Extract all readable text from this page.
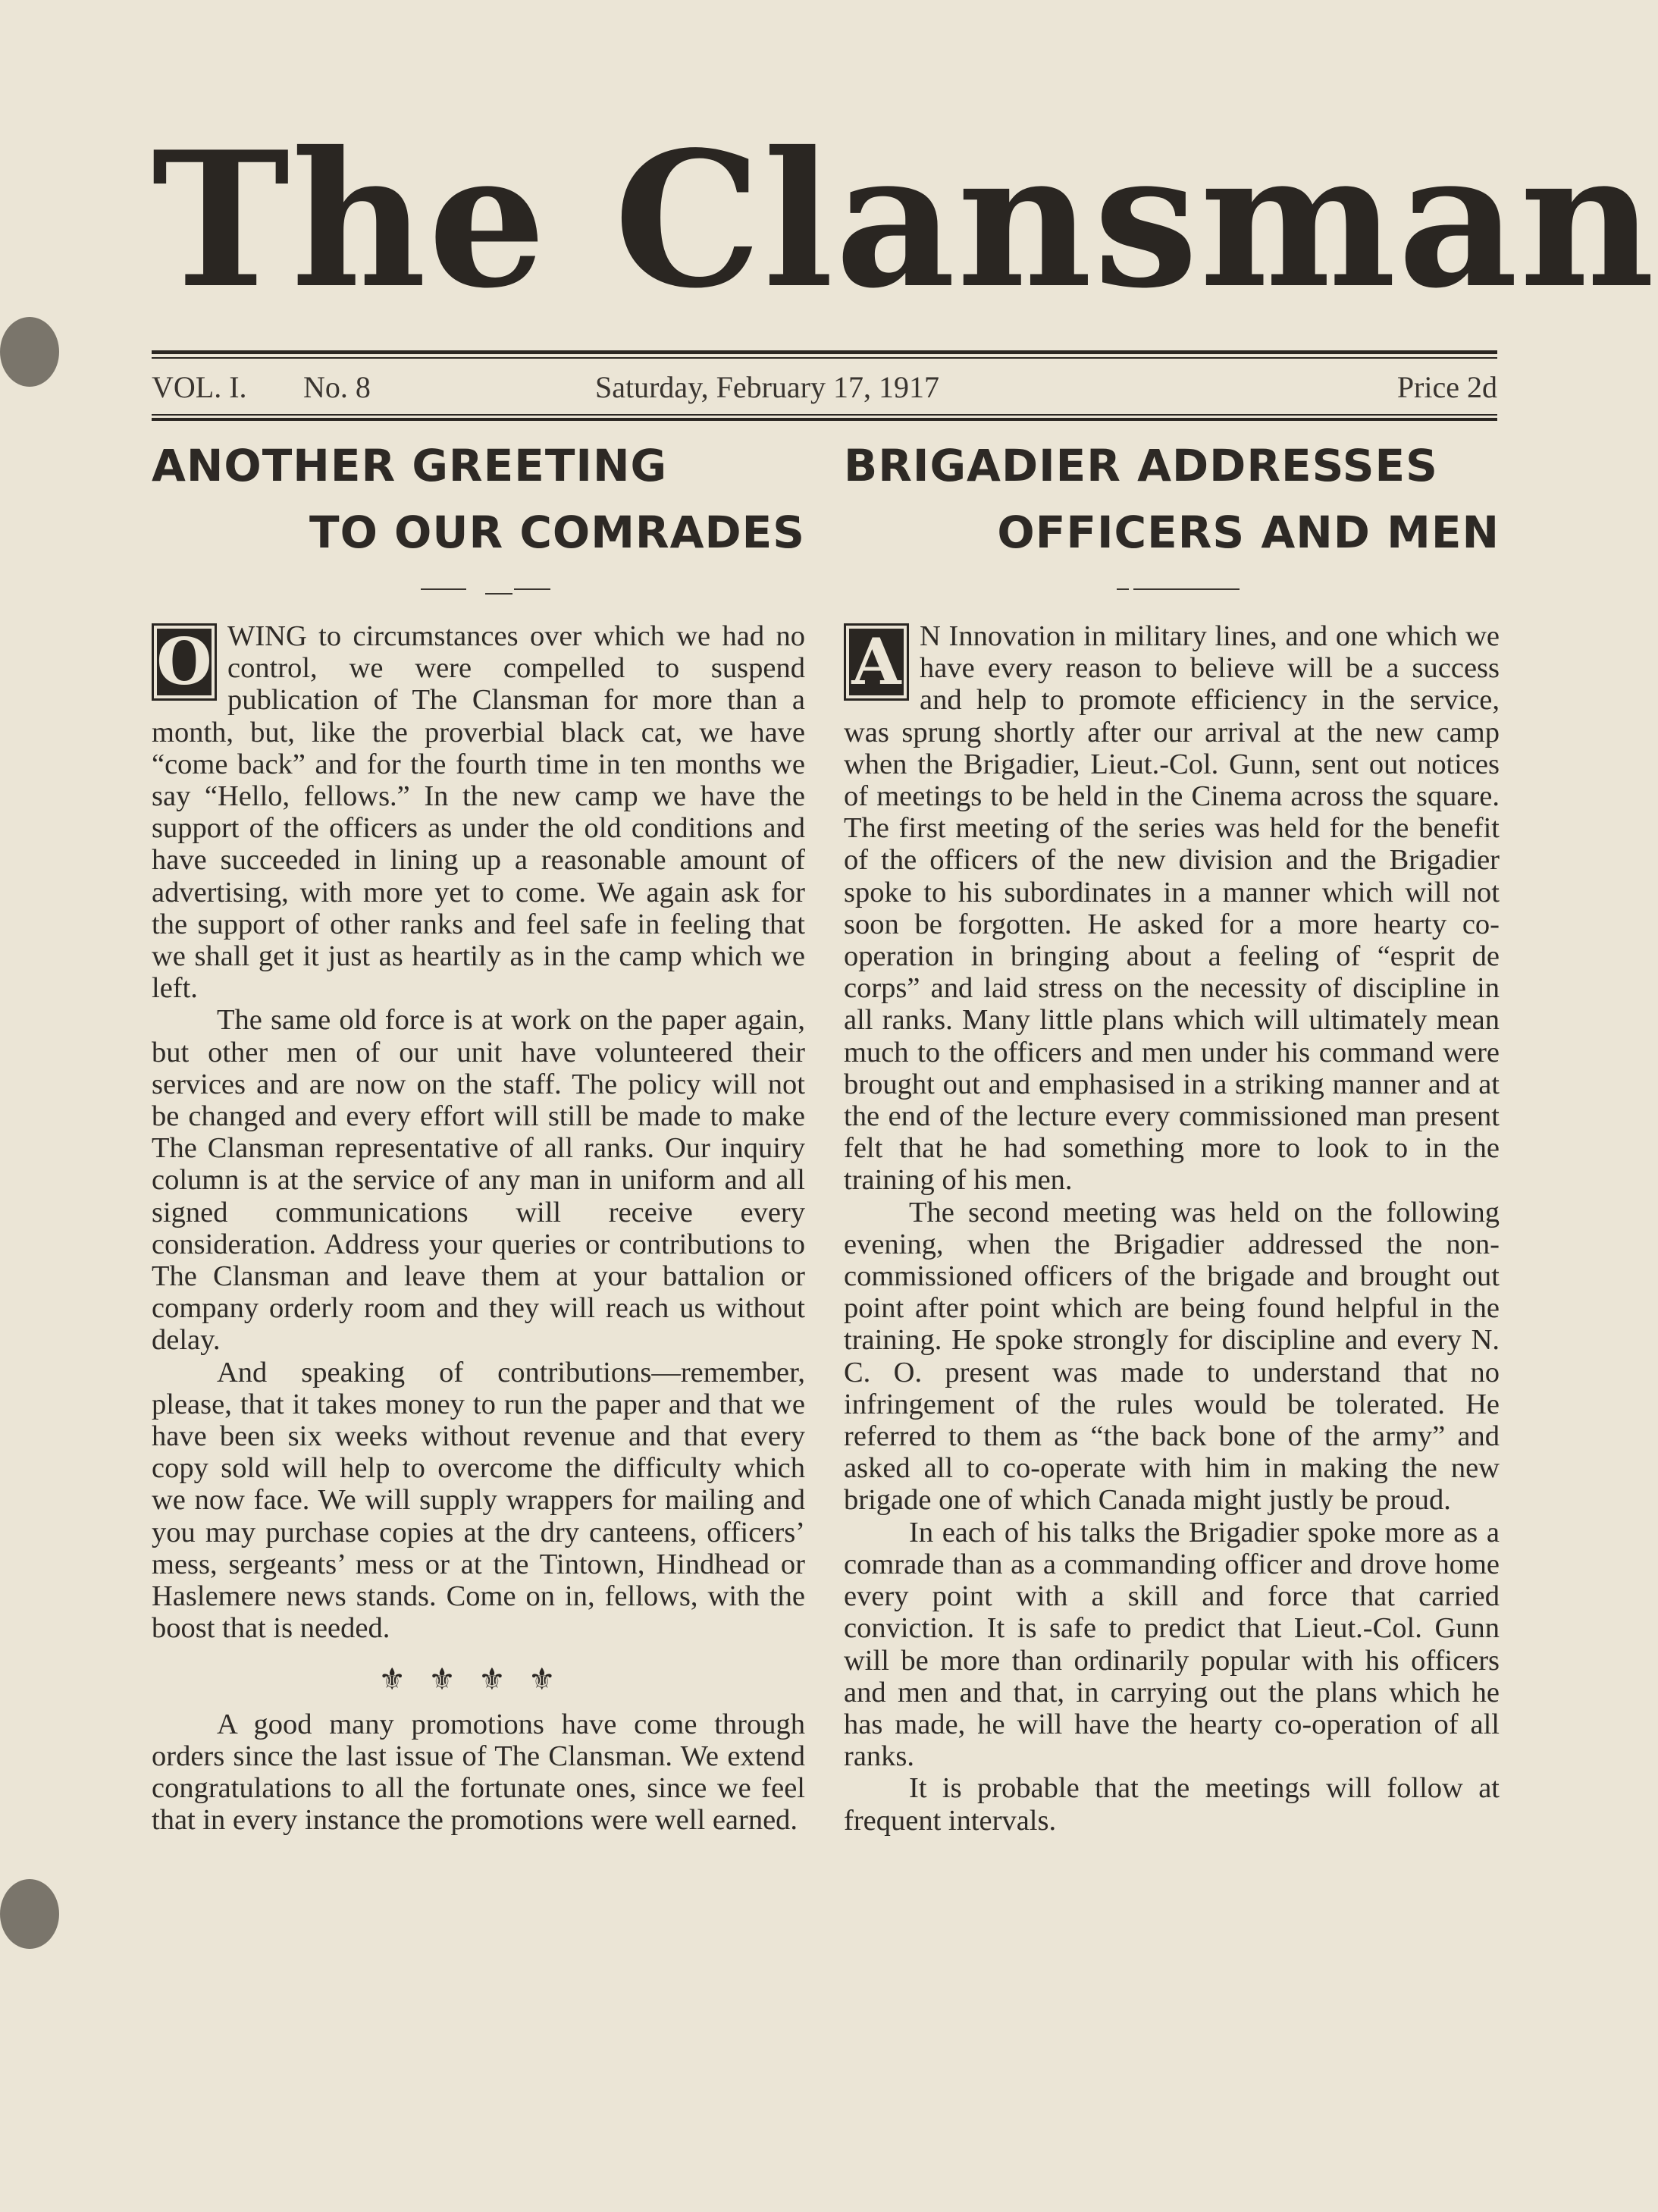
The Clansman
VOL. I. No. 8	Saturday, February 17, 1917	Price 2d
ANOTHER GREETING
TO OUR COMRADES
O WING to circumstances over which we had no control, we were compelled to suspend publication of The Clansman for more than a month, but, like the proverbial black cat, we have “come back” and for the fourth time in ten months we say “Hello, fellows.” In the new camp we have the support of the officers as under the old conditions and have succeeded in lining up a reasonable amount of advertising, with more yet to come. We again ask for the support of other ranks and feel safe in feeling that we shall get it just as heartily as in the camp which we left.

The same old force is at work on the paper again, but other men of our unit have volunteered their services and are now on the staff. The policy will not be changed and every effort will still be made to make The Clansman representative of all ranks. Our inquiry column is at the service of any man in uniform and all signed communications will receive every consideration. Address your queries or contributions to The Clansman and leave them at your battalion or company orderly room and they will reach us without delay.

And speaking of contributions—remember, please, that it takes money to run the paper and that we have been six weeks without revenue and that every copy sold will help to overcome the difficulty which we now face. We will supply wrappers for mailing and you may purchase copies at the dry canteens, officers’ mess, sergeants’ mess or at the Tintown, Hindhead or Haslemere news stands. Come on in, fellows, with the boost that is needed.

⚜⚜⚜⚜

A good many promotions have come through orders since the last issue of The Clansman. We extend congratulations to all the fortunate ones, since we feel that in every instance the promotions were well earned.

BRIGADIER ADDRESSES
OFFICERS AND MEN
A N Innovation in military lines, and one which we have every reason to believe will be a success and help to promote efficiency in the service, was sprung shortly after our arrival at the new camp when the Brigadier, Lieut.-Col. Gunn, sent out notices of meetings to be held in the Cinema across the square. The first meeting of the series was held for the benefit of the officers of the new division and the Brigadier spoke to his subordinates in a manner which will not soon be forgotten. He asked for a more hearty co-operation in bringing about a feeling of “esprit de corps” and laid stress on the necessity of discipline in all ranks. Many little plans which will ultimately mean much to the officers and men under his command were brought out and emphasised in a striking manner and at the end of the lecture every commissioned man present felt that he had something more to look to in the training of his men.

The second meeting was held on the following evening, when the Brigadier addressed the non-commissioned officers of the brigade and brought out point after point which are being found helpful in the training. He spoke strongly for discipline and every N. C. O. present was made to understand that no infringement of the rules would be tolerated. He referred to them as “the back bone of the army” and asked all to co-operate with him in making the new brigade one of which Canada might justly be proud.

In each of his talks the Brigadier spoke more as a comrade than as a commanding officer and drove home every point with a skill and force that carried conviction. It is safe to predict that Lieut.-Col. Gunn will be more than ordinarily popular with his officers and men and that, in carrying out the plans which he has made, he will have the hearty co-operation of all ranks.

It is probable that the meetings will follow at frequent intervals.
